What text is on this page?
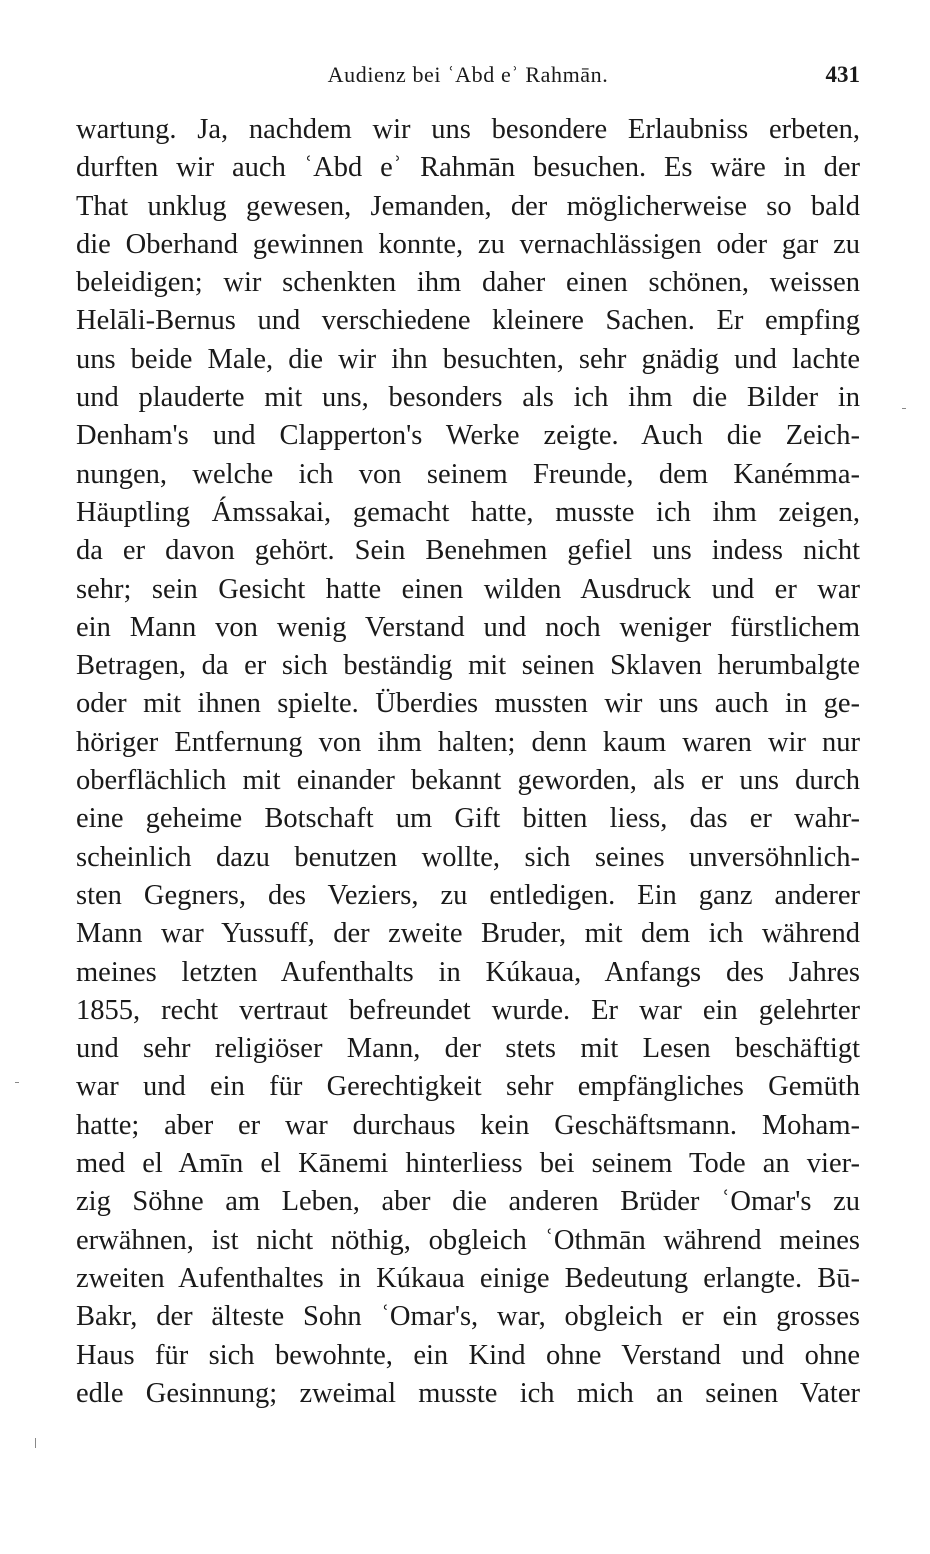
Audienz bei ʿAbd eʾ Rahmān.	431
wartung. Ja, nachdem wir uns besondere Erlaubniss erbeten,
durften wir auch ʿAbd eʾ Rahmān besuchen. Es wäre in der
That unklug gewesen, Jemanden, der möglicherweise so bald
die Oberhand gewinnen konnte, zu vernachlässigen oder gar zu
beleidigen; wir schenkten ihm daher einen schönen, weissen
Helāli-Bernus und verschiedene kleinere Sachen. Er empfing
uns beide Male, die wir ihn besuchten, sehr gnädig und lachte
und plauderte mit uns, besonders als ich ihm die Bilder in
Denham's und Clapperton's Werke zeigte. Auch die Zeich-
nungen, welche ich von seinem Freunde, dem Kanémma-
Häuptling Ámssakai, gemacht hatte, musste ich ihm zeigen,
da er davon gehört. Sein Benehmen gefiel uns indess nicht
sehr; sein Gesicht hatte einen wilden Ausdruck und er war
ein Mann von wenig Verstand und noch weniger fürstlichem
Betragen, da er sich beständig mit seinen Sklaven herumbalgte
oder mit ihnen spielte. Überdies mussten wir uns auch in ge-
höriger Entfernung von ihm halten; denn kaum waren wir nur
oberflächlich mit einander bekannt geworden, als er uns durch
eine geheime Botschaft um Gift bitten liess, das er wahr-
scheinlich dazu benutzen wollte, sich seines unversöhnlich-
sten Gegners, des Veziers, zu entledigen. Ein ganz anderer
Mann war Yussuff, der zweite Bruder, mit dem ich während
meines letzten Aufenthalts in Kúkaua, Anfangs des Jahres
1855, recht vertraut befreundet wurde. Er war ein gelehrter
und sehr religiöser Mann, der stets mit Lesen beschäftigt
war und ein für Gerechtigkeit sehr empfängliches Gemüth
hatte; aber er war durchaus kein Geschäftsmann. Moham-
med el Amīn el Kānemi hinterliess bei seinem Tode an vier-
zig Söhne am Leben, aber die anderen Brüder ʿOmar's zu
erwähnen, ist nicht nöthig, obgleich ʿOthmān während meines
zweiten Aufenthaltes in Kúkaua einige Bedeutung erlangte. Bū-
Bakr, der älteste Sohn ʿOmar's, war, obgleich er ein grosses
Haus für sich bewohnte, ein Kind ohne Verstand und ohne
edle Gesinnung; zweimal musste ich mich an seinen Vater
